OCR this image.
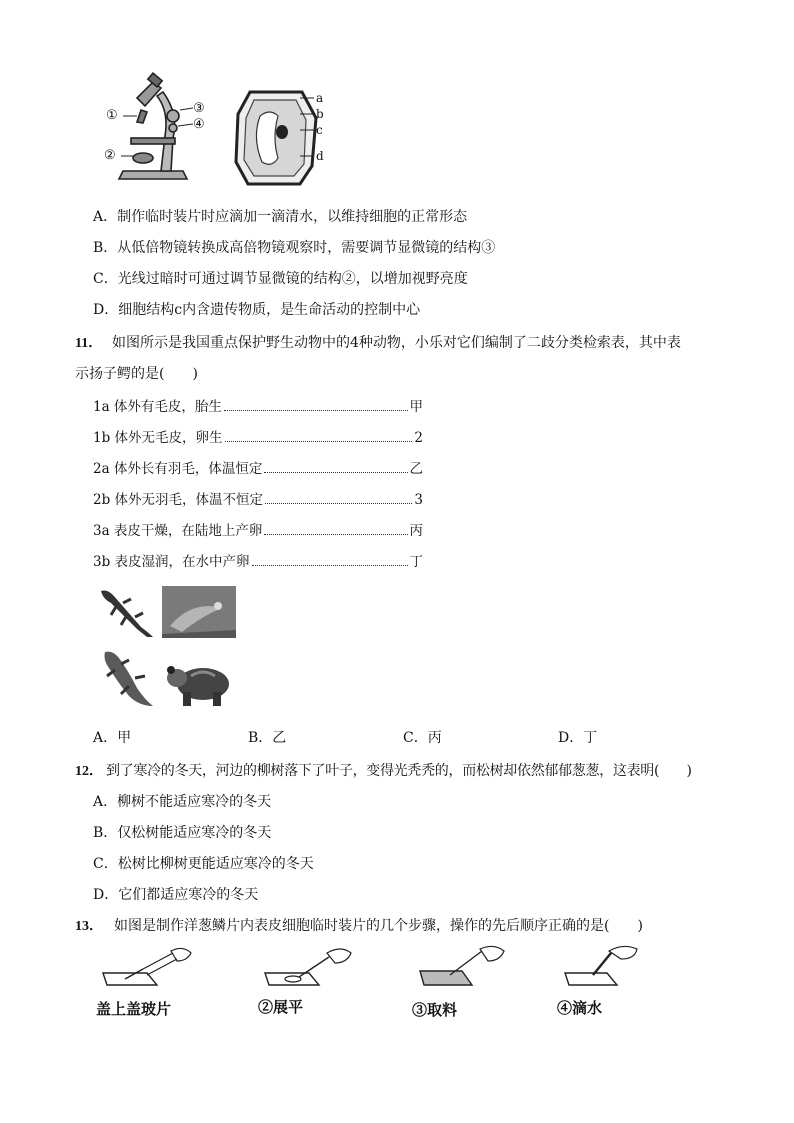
①
②
③
④
a
b
c
d
A．制作临时装片时应滴加一滴清水，以维持细胞的正常形态
B．从低倍物镜转换成高倍物镜观察时，需要调节显微镜的结构③
C．光线过暗时可通过调节显微镜的结构②，以增加视野亮度
D．细胞结构c内含遗传物质，是生命活动的控制中心
11． 如图所示是我国重点保护野生动物中的4种动物，小乐对它们编制了二歧分类检索表，其中表
示扬子鳄的是(　　)
1a 体外有毛皮，胎生	甲
1b 体外无毛皮，卵生	2
2a 体外长有羽毛，体温恒定	乙
2b 体外无羽毛，体温不恒定	3
3a 表皮干燥，在陆地上产卵	丙
3b 表皮湿润，在水中产卵	丁
A．甲	B．乙	C．丙	D．丁
12． 到了寒冷的冬天，河边的柳树落下了叶子，变得光秃秃的，而松树却依然郁郁葱葱，这表明(　　)
A．柳树不能适应寒冷的冬天
B．仅松树能适应寒冷的冬天
C．松树比柳树更能适应寒冷的冬天
D．它们都适应寒冷的冬天
13． 如图是制作洋葱鳞片内表皮细胞临时装片的几个步骤，操作的先后顺序正确的是(　　)
盖上盖玻片	②展平	③取料	④滴水
